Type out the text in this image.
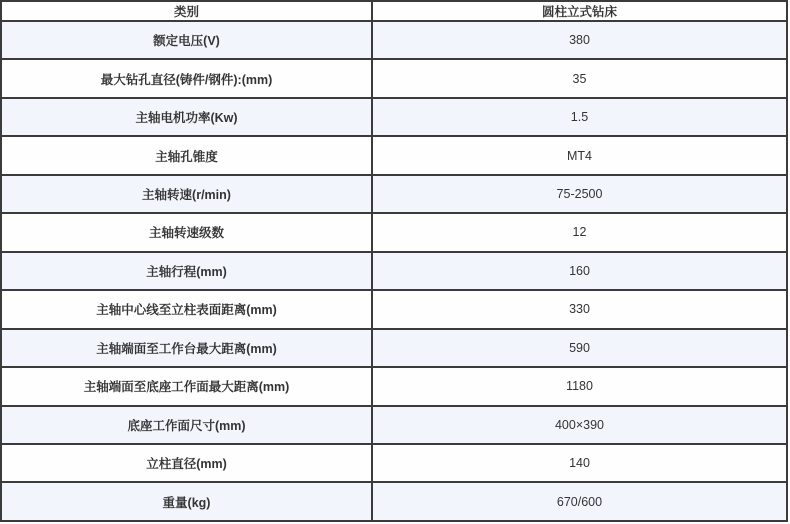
类别	圆柱立式钻床
额定电压(V)	380
最大钻孔直径(铸件/钢件):(mm)	35
主轴电机功率(Kw)	1.5
主轴孔锥度	MT4
主轴转速(r/min)	75-2500
主轴转速级数	12
主轴行程(mm)	160
主轴中心线至立柱表面距离(mm)	330
主轴端面至工作台最大距离(mm)	590
主轴端面至底座工作面最大距离(mm)	1180
底座工作面尺寸(mm)	400×390
立柱直径(mm)	140
重量(kg)	670/600
